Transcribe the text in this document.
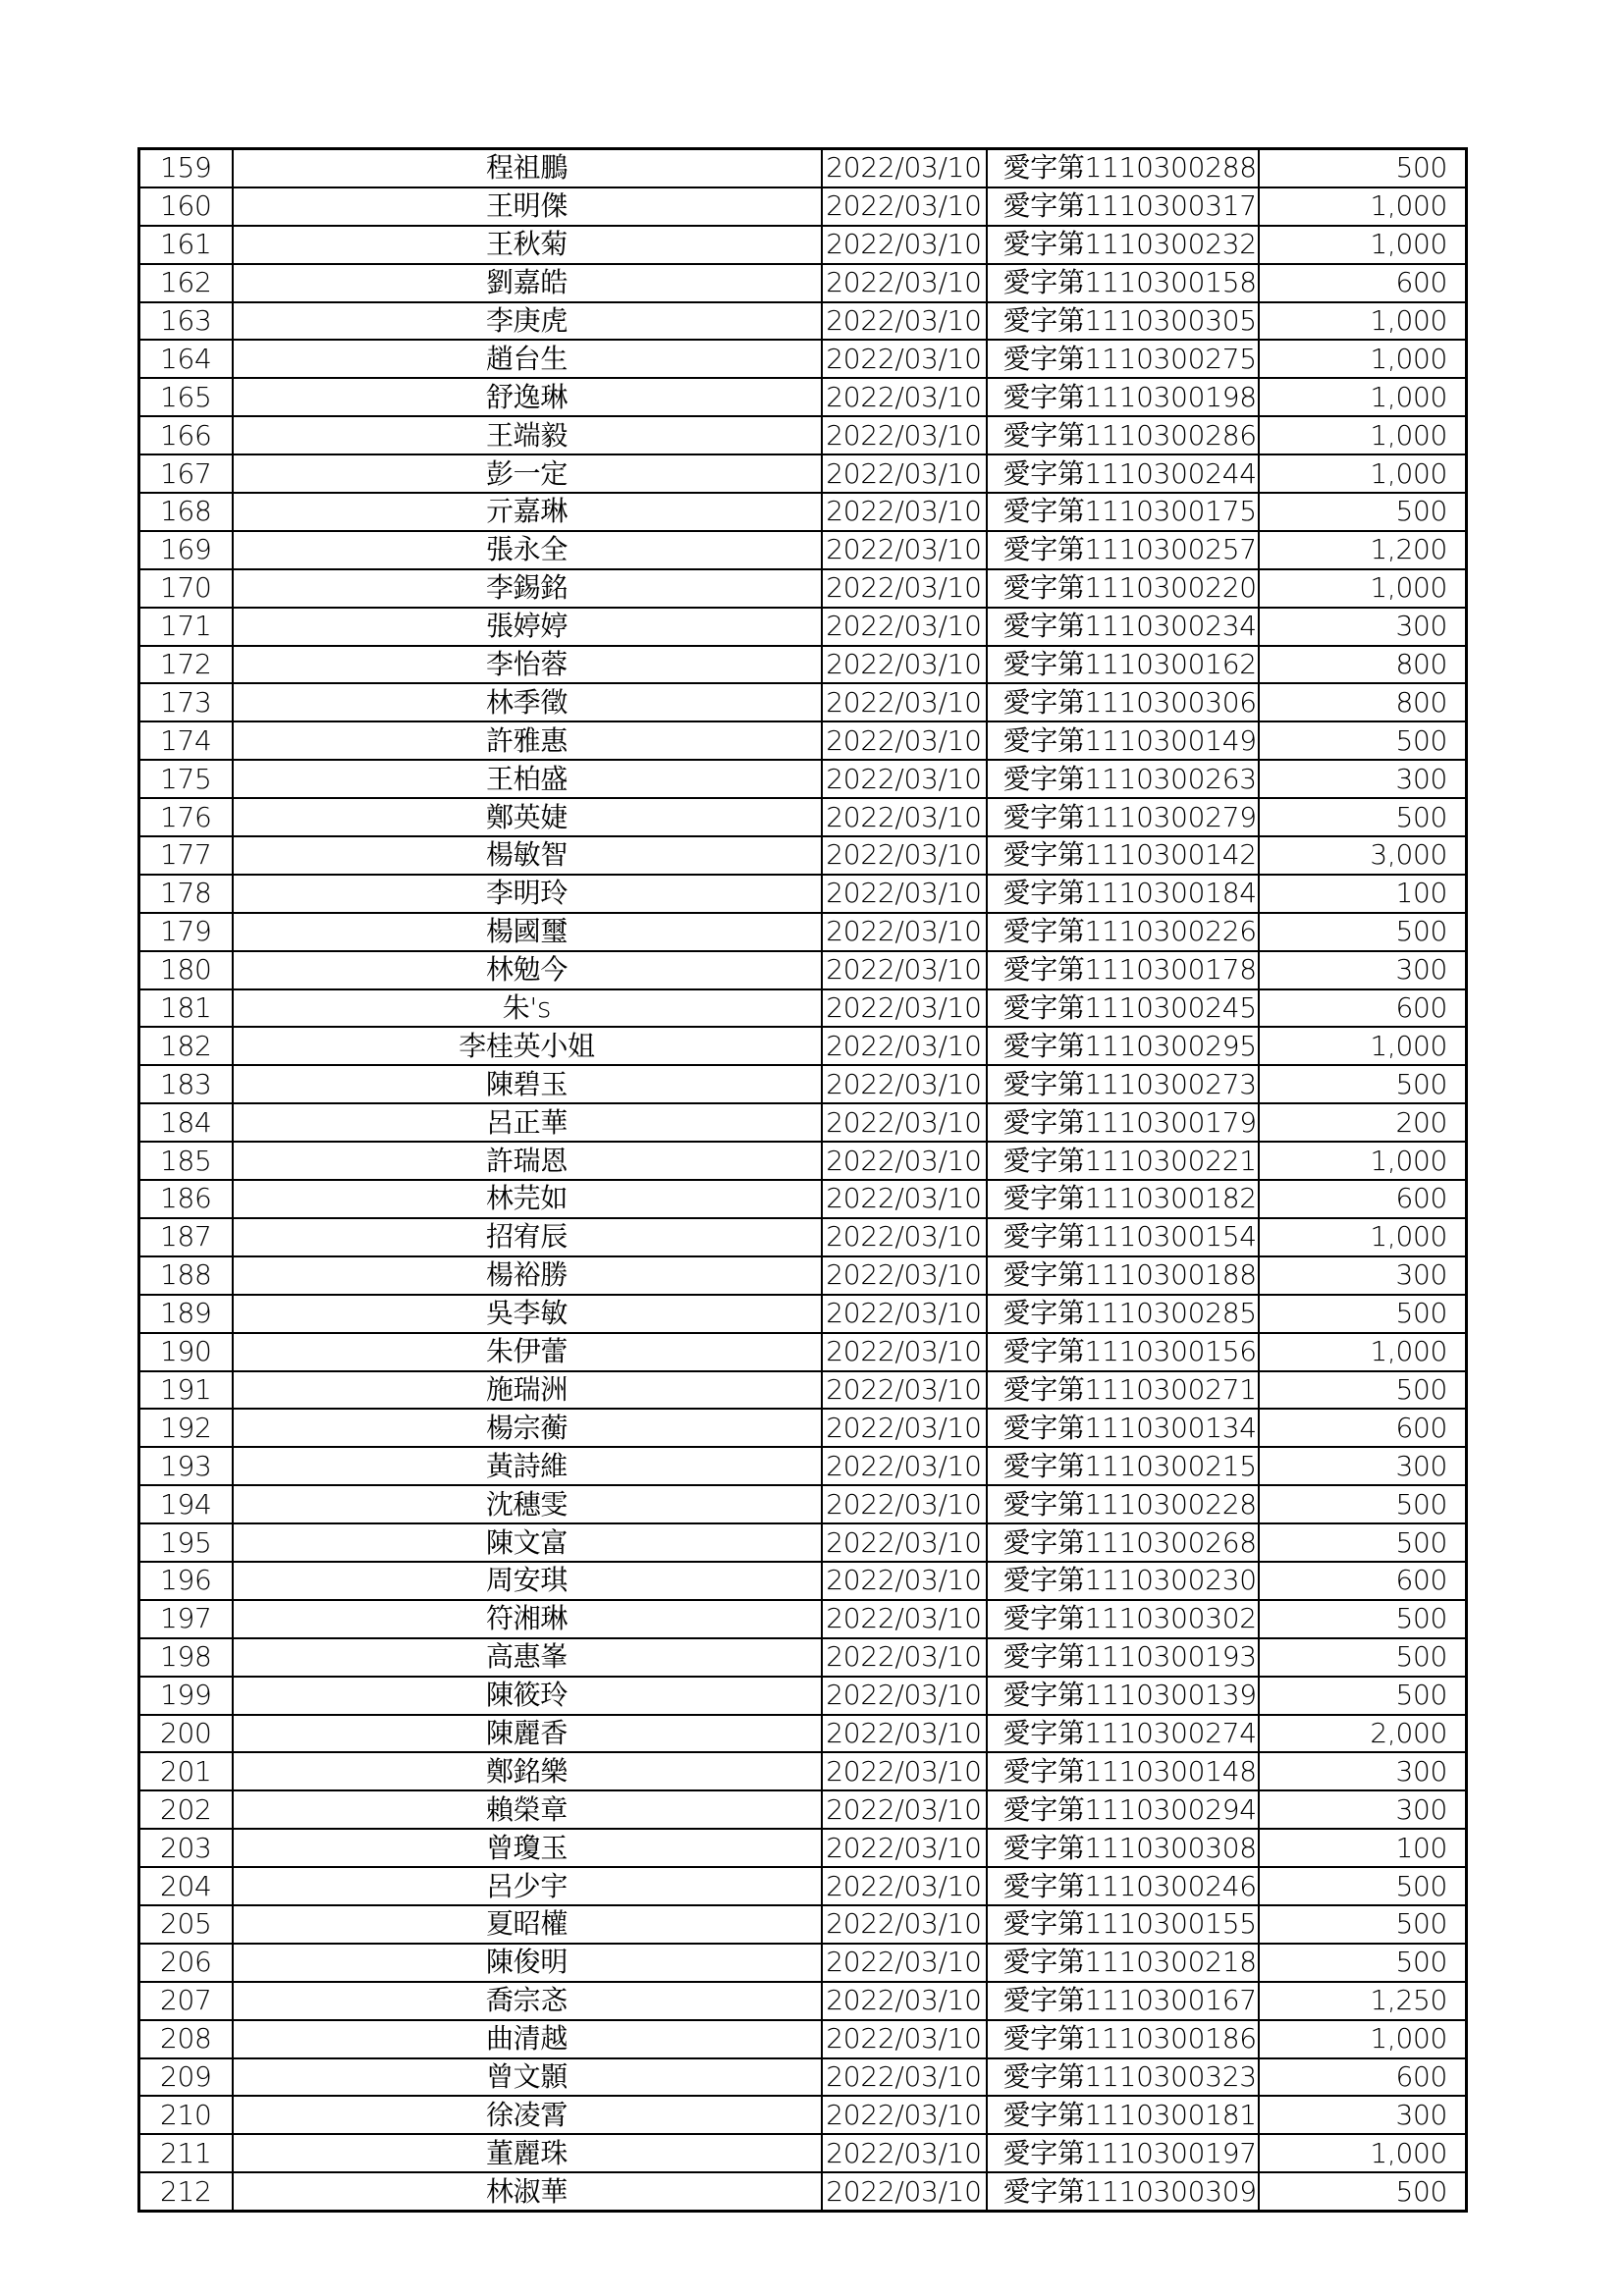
159	程祖鵬	2022/03/10	愛字第1110300288	500
160	王明傑	2022/03/10	愛字第1110300317	1,000
161	王秋菊	2022/03/10	愛字第1110300232	1,000
162	劉嘉皓	2022/03/10	愛字第1110300158	600
163	李庚虎	2022/03/10	愛字第1110300305	1,000
164	趙台生	2022/03/10	愛字第1110300275	1,000
165	舒逸琳	2022/03/10	愛字第1110300198	1,000
166	王端毅	2022/03/10	愛字第1110300286	1,000
167	彭一定	2022/03/10	愛字第1110300244	1,000
168	亓嘉琳	2022/03/10	愛字第1110300175	500
169	張永全	2022/03/10	愛字第1110300257	1,200
170	李錫銘	2022/03/10	愛字第1110300220	1,000
171	張婷婷	2022/03/10	愛字第1110300234	300
172	李怡蓉	2022/03/10	愛字第1110300162	800
173	林季徵	2022/03/10	愛字第1110300306	800
174	許雅惠	2022/03/10	愛字第1110300149	500
175	王柏盛	2022/03/10	愛字第1110300263	300
176	鄭英婕	2022/03/10	愛字第1110300279	500
177	楊敏智	2022/03/10	愛字第1110300142	3,000
178	李明玲	2022/03/10	愛字第1110300184	100
179	楊國璽	2022/03/10	愛字第1110300226	500
180	林勉今	2022/03/10	愛字第1110300178	300
181	朱's	2022/03/10	愛字第1110300245	600
182	李桂英小姐	2022/03/10	愛字第1110300295	1,000
183	陳碧玉	2022/03/10	愛字第1110300273	500
184	呂正華	2022/03/10	愛字第1110300179	200
185	許瑞恩	2022/03/10	愛字第1110300221	1,000
186	林芫如	2022/03/10	愛字第1110300182	600
187	招宥辰	2022/03/10	愛字第1110300154	1,000
188	楊裕勝	2022/03/10	愛字第1110300188	300
189	吳李敏	2022/03/10	愛字第1110300285	500
190	朱伊蕾	2022/03/10	愛字第1110300156	1,000
191	施瑞洲	2022/03/10	愛字第1110300271	500
192	楊宗蘅	2022/03/10	愛字第1110300134	600
193	黃詩維	2022/03/10	愛字第1110300215	300
194	沈穗雯	2022/03/10	愛字第1110300228	500
195	陳文富	2022/03/10	愛字第1110300268	500
196	周安琪	2022/03/10	愛字第1110300230	600
197	符湘琳	2022/03/10	愛字第1110300302	500
198	高惠峯	2022/03/10	愛字第1110300193	500
199	陳筱玲	2022/03/10	愛字第1110300139	500
200	陳麗香	2022/03/10	愛字第1110300274	2,000
201	鄭銘樂	2022/03/10	愛字第1110300148	300
202	賴榮章	2022/03/10	愛字第1110300294	300
203	曾瓊玉	2022/03/10	愛字第1110300308	100
204	呂少宇	2022/03/10	愛字第1110300246	500
205	夏昭權	2022/03/10	愛字第1110300155	500
206	陳俊明	2022/03/10	愛字第1110300218	500
207	喬宗忞	2022/03/10	愛字第1110300167	1,250
208	曲清越	2022/03/10	愛字第1110300186	1,000
209	曾文顥	2022/03/10	愛字第1110300323	600
210	徐凌霄	2022/03/10	愛字第1110300181	300
211	董麗珠	2022/03/10	愛字第1110300197	1,000
212	林淑華	2022/03/10	愛字第1110300309	500
